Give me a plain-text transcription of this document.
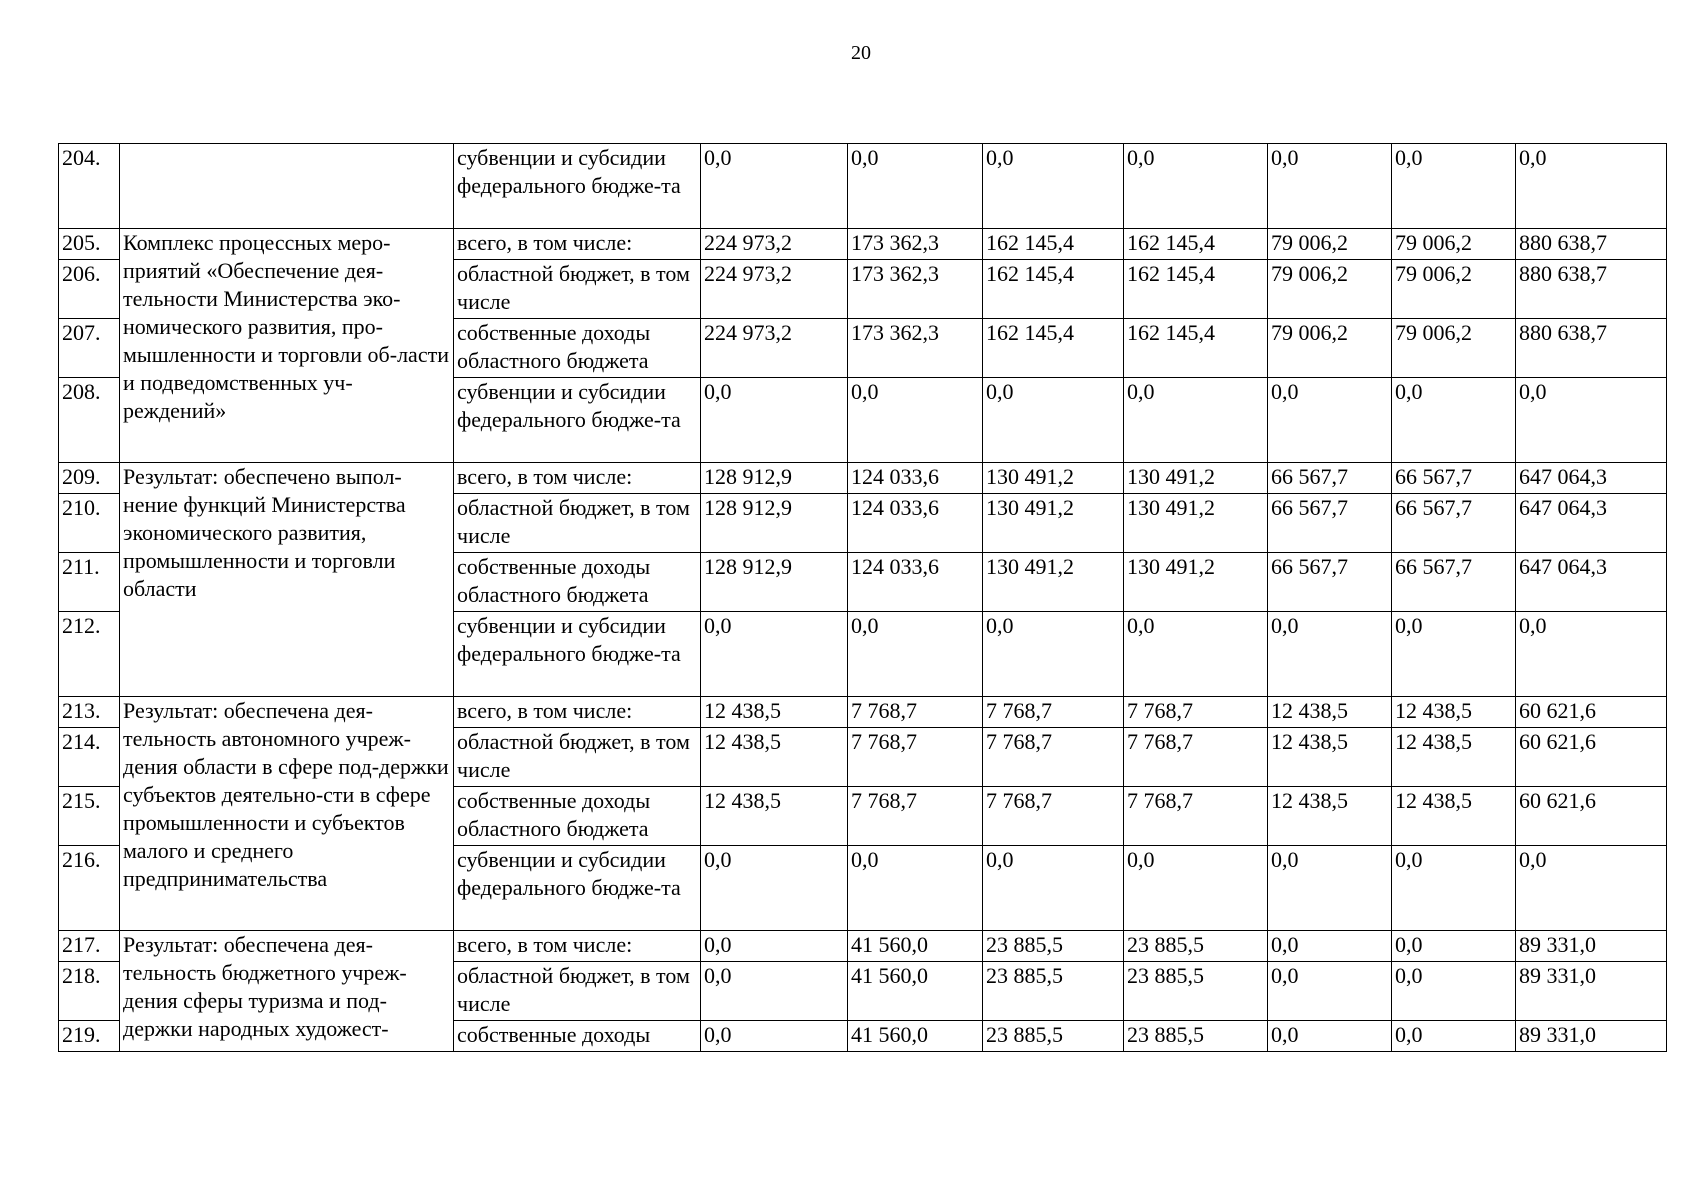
20
204.		субвенции и субсидии федерального бюдже-та	0,0	0,0	0,0	0,0	0,0	0,0	0,0
205.	Комплекс процессных меро-приятий «Обеспечение дея-тельности Министерства эко-номического развития, про-мышленности и торговли об-ласти и подведомственных уч-реждений»	всего, в том числе:	224 973,2	173 362,3	162 145,4	162 145,4	79 006,2	79 006,2	880 638,7
206.		областной бюджет, в том числе	224 973,2	173 362,3	162 145,4	162 145,4	79 006,2	79 006,2	880 638,7
207.		собственные доходы областного бюджета	224 973,2	173 362,3	162 145,4	162 145,4	79 006,2	79 006,2	880 638,7
208.		субвенции и субсидии федерального бюдже-та	0,0	0,0	0,0	0,0	0,0	0,0	0,0
209.	Результат: обеспечено выпол-нение функций Министерства экономического развития, промышленности и торговли области	всего, в том числе:	128 912,9	124 033,6	130 491,2	130 491,2	66 567,7	66 567,7	647 064,3
210.		областной бюджет, в том числе	128 912,9	124 033,6	130 491,2	130 491,2	66 567,7	66 567,7	647 064,3
211.		собственные доходы областного бюджета	128 912,9	124 033,6	130 491,2	130 491,2	66 567,7	66 567,7	647 064,3
212.		субвенции и субсидии федерального бюдже-та	0,0	0,0	0,0	0,0	0,0	0,0	0,0
213.	Результат: обеспечена дея-тельность автономного учреж-дения области в сфере под-держки субъектов деятельно-сти в сфере промышленности и субъектов малого и среднего предпринимательства	всего, в том числе:	12 438,5	7 768,7	7 768,7	7 768,7	12 438,5	12 438,5	60 621,6
214.		областной бюджет, в том числе	12 438,5	7 768,7	7 768,7	7 768,7	12 438,5	12 438,5	60 621,6
215.		собственные доходы областного бюджета	12 438,5	7 768,7	7 768,7	7 768,7	12 438,5	12 438,5	60 621,6
216.		субвенции и субсидии федерального бюдже-та	0,0	0,0	0,0	0,0	0,0	0,0	0,0
217.	Результат: обеспечена дея-тельность бюджетного учреж-дения сферы туризма и под-держки народных художест-	всего, в том числе:	0,0	41 560,0	23 885,5	23 885,5	0,0	0,0	89 331,0
218.		областной бюджет, в том числе	0,0	41 560,0	23 885,5	23 885,5	0,0	0,0	89 331,0
219.		собственные доходы	0,0	41 560,0	23 885,5	23 885,5	0,0	0,0	89 331,0
